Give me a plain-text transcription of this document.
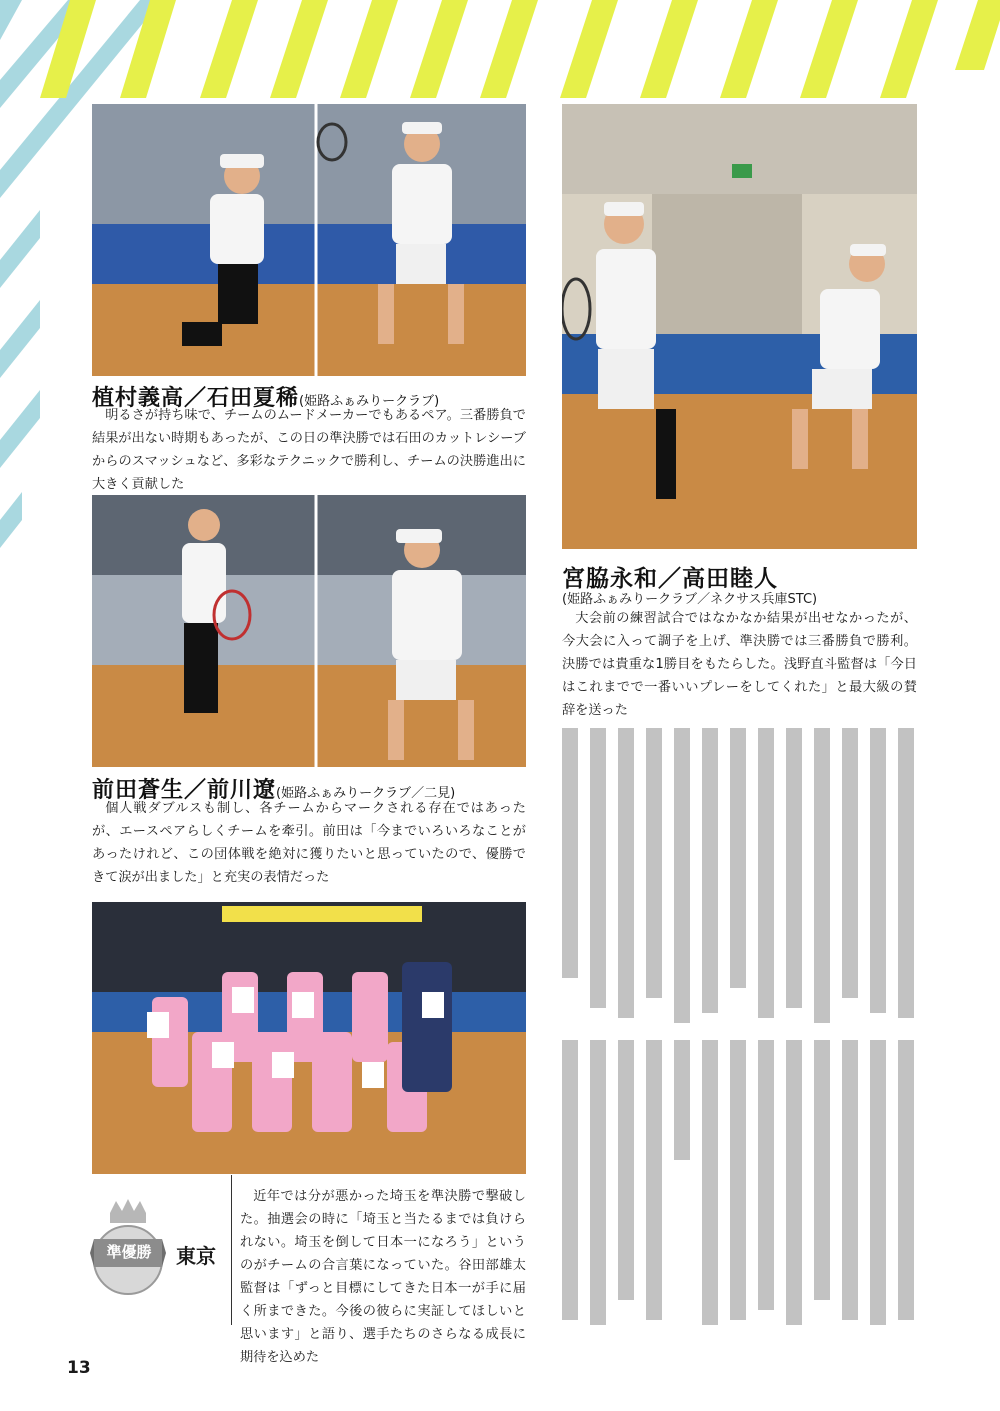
植村義高／石田夏稀(姫路ふぁみりークラブ)

明るさが持ち味で、チームのムードメーカーでもあるペア。三番勝負で結果が出ない時期もあったが、この日の準決勝では石田のカットレシーブからのスマッシュなど、多彩なテクニックで勝利し、チームの決勝進出に大きく貢献した

前田蒼生／前川遼(姫路ふぁみりークラブ／二見)

個人戦ダブルスも制し、各チームからマークされる存在ではあったが、エースペアらしくチームを牽引。前田は「今までいろいろなことがあったけれど、この団体戦を絶対に獲りたいと思っていたので、優勝できて涙が出ました」と充実の表情だった

準優勝	東京

近年では分が悪かった埼玉を準決勝で撃破した。抽選会の時に「埼玉と当たるまでは負けられない。埼玉を倒して日本一になろう」というのがチームの合言葉になっていた。谷田部雄太監督は「ずっと目標にしてきた日本一が手に届く所まできた。今後の彼らに実証してほしいと思います」と語り、選手たちのさらなる成長に期待を込めた

宮脇永和／高田睦人
(姫路ふぁみりークラブ／ネクサス兵庫STC)

大会前の練習試合ではなかなか結果が出せなかったが、今大会に入って調子を上げ、準決勝では三番勝負で勝利。決勝では貴重な1勝目をもたらした。浅野直斗監督は「今日はこれまでで一番いいプレーをしてくれた」と最大級の賛辞を送った

13
